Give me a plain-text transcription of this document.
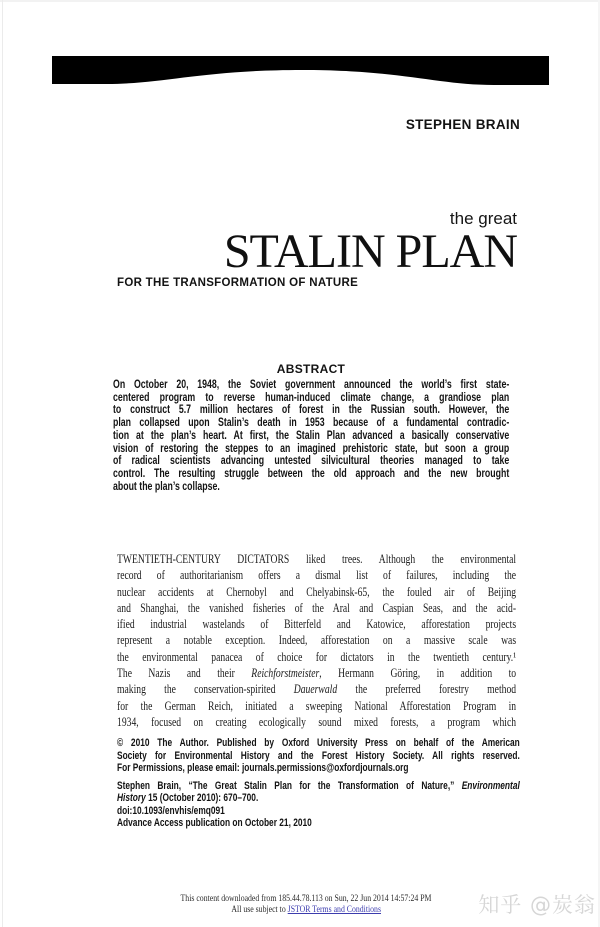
STEPHEN BRAIN
the great
STALIN PLAN
FOR THE TRANSFORMATION OF NATURE
ABSTRACT
On October 20, 1948, the Soviet government announced the world’s first state-
centered program to reverse human-induced climate change, a grandiose plan
to construct 5.7 million hectares of forest in the Russian south. However, the
plan collapsed upon Stalin’s death in 1953 because of a fundamental contradic-
tion at the plan’s heart. At first, the Stalin Plan advanced a basically conservative
vision of restoring the steppes to an imagined prehistoric state, but soon a group
of radical scientists advancing untested silvicultural theories managed to take
control. The resulting struggle between the old approach and the new brought
about the plan’s collapse.
TWENTIETH-CENTURY DICTATORS liked trees. Although the environmental
record of authoritarianism offers a dismal list of failures, including the
nuclear accidents at Chernobyl and Chelyabinsk-65, the fouled air of Beijing
and Shanghai, the vanished fisheries of the Aral and Caspian Seas, and the acid-
ified industrial wastelands of Bitterfeld and Katowice, afforestation projects
represent a notable exception. Indeed, afforestation on a massive scale was
the environmental panacea of choice for dictators in the twentieth century.¹
The Nazis and their Reichforstmeister, Hermann Göring, in addition to
making the conservation-spirited Dauerwald the preferred forestry method
for the German Reich, initiated a sweeping National Afforestation Program in
1934, focused on creating ecologically sound mixed forests, a program which
© 2010 The Author. Published by Oxford University Press on behalf of the American
Society for Environmental History and the Forest History Society. All rights reserved.
For Permissions, please email: journals.permissions@oxfordjournals.org
Stephen Brain, “The Great Stalin Plan for the Transformation of Nature,” Environmental
History 15 (October 2010): 670–700.
doi:10.1093/envhis/emq091
Advance Access publication on October 21, 2010
This content downloaded from 185.44.78.113 on Sun, 22 Jun 2014 14:57:24 PM
All use subject to JSTOR Terms and Conditions	知乎 @炭翁
